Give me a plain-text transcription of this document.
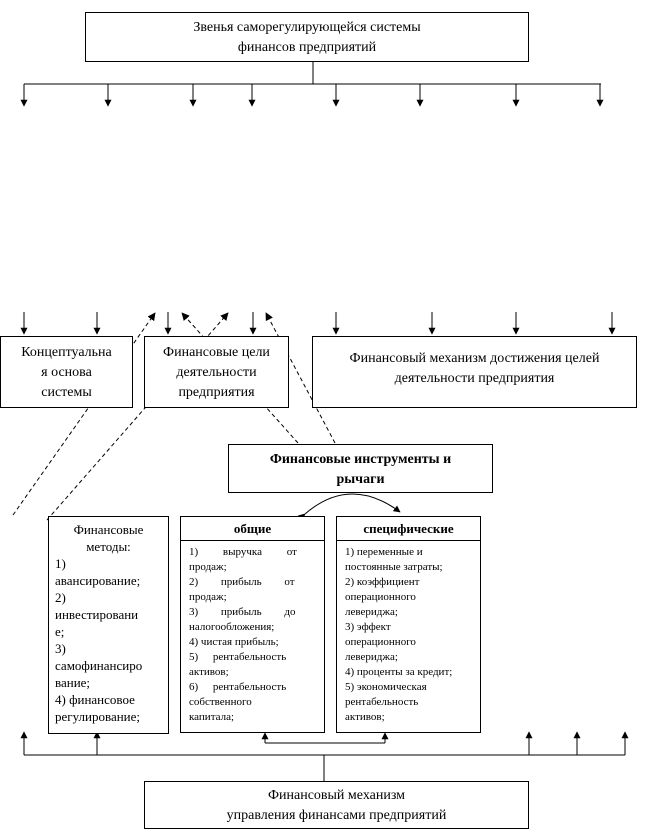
Звенья саморегулирующейся системы
финансов предприятий
Концептуальна
я основа
системы
Финансовые цели
деятельности
предприятия
Финансовый механизм достижения целей
деятельности предприятия
Финансовые инструменты и
рычаги
Финансовые
методы:
1)
авансирование;
2)
инвестировани
е;
3)
самофинансиро
вание;
4) финансовое
регулирование;
общие
1) выручка от
продаж;
2) прибыль от
продаж;
3) прибыль до
налогообложения;
4) чистая прибыль;
5) рентабельность
активов;
6) рентабельность
собственного
капитала;
специфические
1) переменные и
постоянные затраты;
2) коэффициент
операционного
левериджа;
3) эффект
операционного
левериджа;
4) проценты за кредит;
5) экономическая
рентабельность
активов;
Финансовый механизм
управления финансами предприятий
